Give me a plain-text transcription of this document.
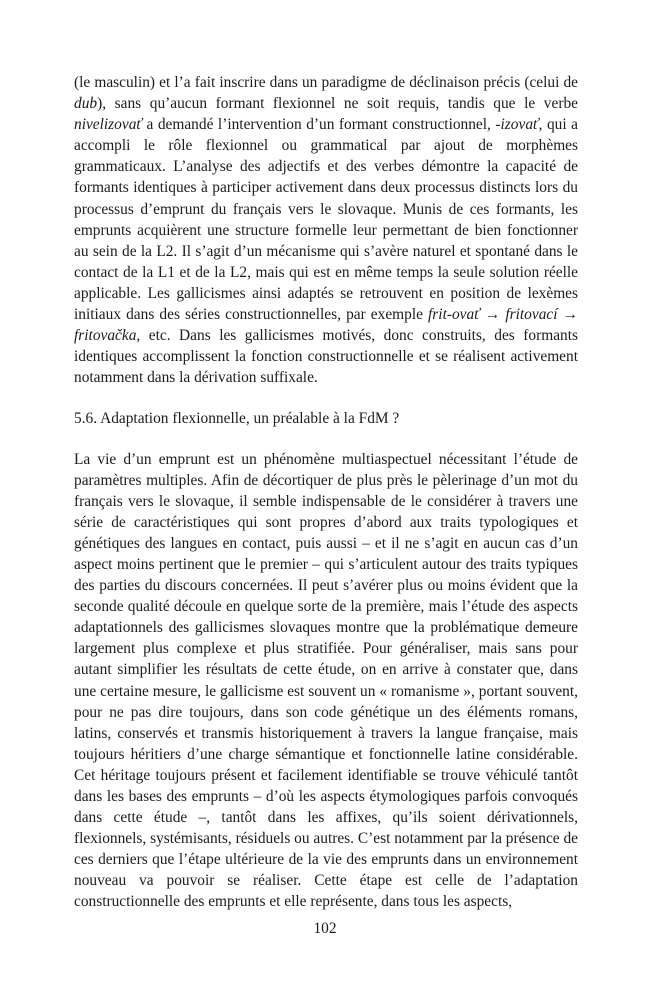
(le masculin) et l’a fait inscrire dans un paradigme de déclinaison précis (celui de dub), sans qu’aucun formant flexionnel ne soit requis, tandis que le verbe nivelizovať a demandé l’intervention d’un formant constructionnel, -izovať, qui a accompli le rôle flexionnel ou grammatical par ajout de morphèmes grammaticaux. L’analyse des adjectifs et des verbes démontre la capacité de formants identiques à participer activement dans deux processus distincts lors du processus d’emprunt du français vers le slovaque. Munis de ces formants, les emprunts acquièrent une structure formelle leur permettant de bien fonctionner au sein de la L2. Il s’agit d’un mécanisme qui s’avère naturel et spontané dans le contact de la L1 et de la L2, mais qui est en même temps la seule solution réelle applicable. Les gallicismes ainsi adaptés se retrouvent en position de lexèmes initiaux dans des séries constructionnelles, par exemple frit-ovať → fritovací → fritovačka, etc. Dans les gallicismes motivés, donc construits, des formants identiques accomplissent la fonction constructionnelle et se réalisent activement notamment dans la dérivation suffixale.

5.6. Adaptation flexionnelle, un préalable à la FdM ?

La vie d’un emprunt est un phénomène multiaspectuel nécessitant l’étude de paramètres multiples. Afin de décortiquer de plus près le pèlerinage d’un mot du français vers le slovaque, il semble indispensable de le considérer à travers une série de caractéristiques qui sont propres d’abord aux traits typologiques et génétiques des langues en contact, puis aussi – et il ne s’agit en aucun cas d’un aspect moins pertinent que le premier – qui s’articulent autour des traits typiques des parties du discours concernées. Il peut s’avérer plus ou moins évident que la seconde qualité découle en quelque sorte de la première, mais l’étude des aspects adaptationnels des gallicismes slovaques montre que la problématique demeure largement plus complexe et plus stratifiée. Pour généraliser, mais sans pour autant simplifier les résultats de cette étude, on en arrive à constater que, dans une certaine mesure, le gallicisme est souvent un « romanisme », portant souvent, pour ne pas dire toujours, dans son code génétique un des éléments romans, latins, conservés et transmis historiquement à travers la langue française, mais toujours héritiers d’une charge sémantique et fonctionnelle latine considérable. Cet héritage toujours présent et facilement identifiable se trouve véhiculé tantôt dans les bases des emprunts – d’où les aspects étymologiques parfois convoqués dans cette étude –, tantôt dans les affixes, qu’ils soient dérivationnels, flexionnels, systémisants, résiduels ou autres. C’est notamment par la présence de ces derniers que l’étape ultérieure de la vie des emprunts dans un environnement nouveau va pouvoir se réaliser. Cette étape est celle de l’adaptation constructionnelle des emprunts et elle représente, dans tous les aspects,

102
